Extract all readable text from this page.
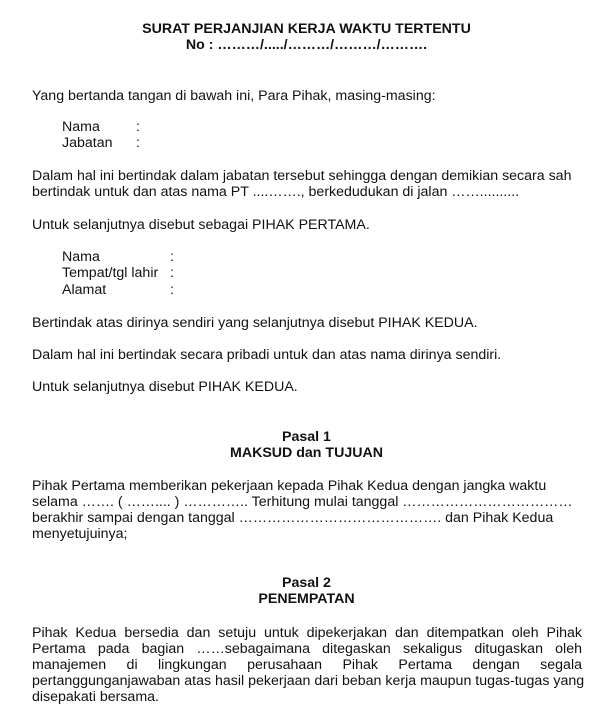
SURAT PERJANJIAN KERJA WAKTU TERTENTU
No : ………/...../………/………/……….
Yang bertanda tangan di bawah ini, Para Pihak, masing-masing:
Nama	:
Jabatan :
Dalam hal ini bertindak dalam jabatan tersebut sehingga dengan demikian secara sah
bertindak untuk dan atas nama PT ....……., berkedudukan di jalan ……..........
Untuk selanjutnya disebut sebagai PIHAK PERTAMA.
Nama	:
Tempat/tgl lahir :
Alamat	:
Bertindak atas dirinya sendiri yang selanjutnya disebut PIHAK KEDUA.
Dalam hal ini bertindak secara pribadi untuk dan atas nama dirinya sendiri.
Untuk selanjutnya disebut PIHAK KEDUA.
Pasal 1
MAKSUD dan TUJUAN
Pihak Pertama memberikan pekerjaan kepada Pihak Kedua dengan jangka waktu
selama ……. ( …….... ) ………….. Terhitung mulai tanggal ………………………………
berakhir sampai dengan tanggal ……………………………………. dan Pihak Kedua
menyetujuinya;
Pasal 2
PENEMPATAN
Pihak Kedua bersedia dan setuju untuk dipekerjakan dan ditempatkan oleh Pihak
Pertama pada bagian ……sebagaimana ditegaskan sekaligus ditugaskan oleh
manajemen di lingkungan perusahaan Pihak Pertama dengan segala
pertanggunganjawaban atas hasil pekerjaan dari beban kerja maupun tugas-tugas yang
disepakati bersama.
